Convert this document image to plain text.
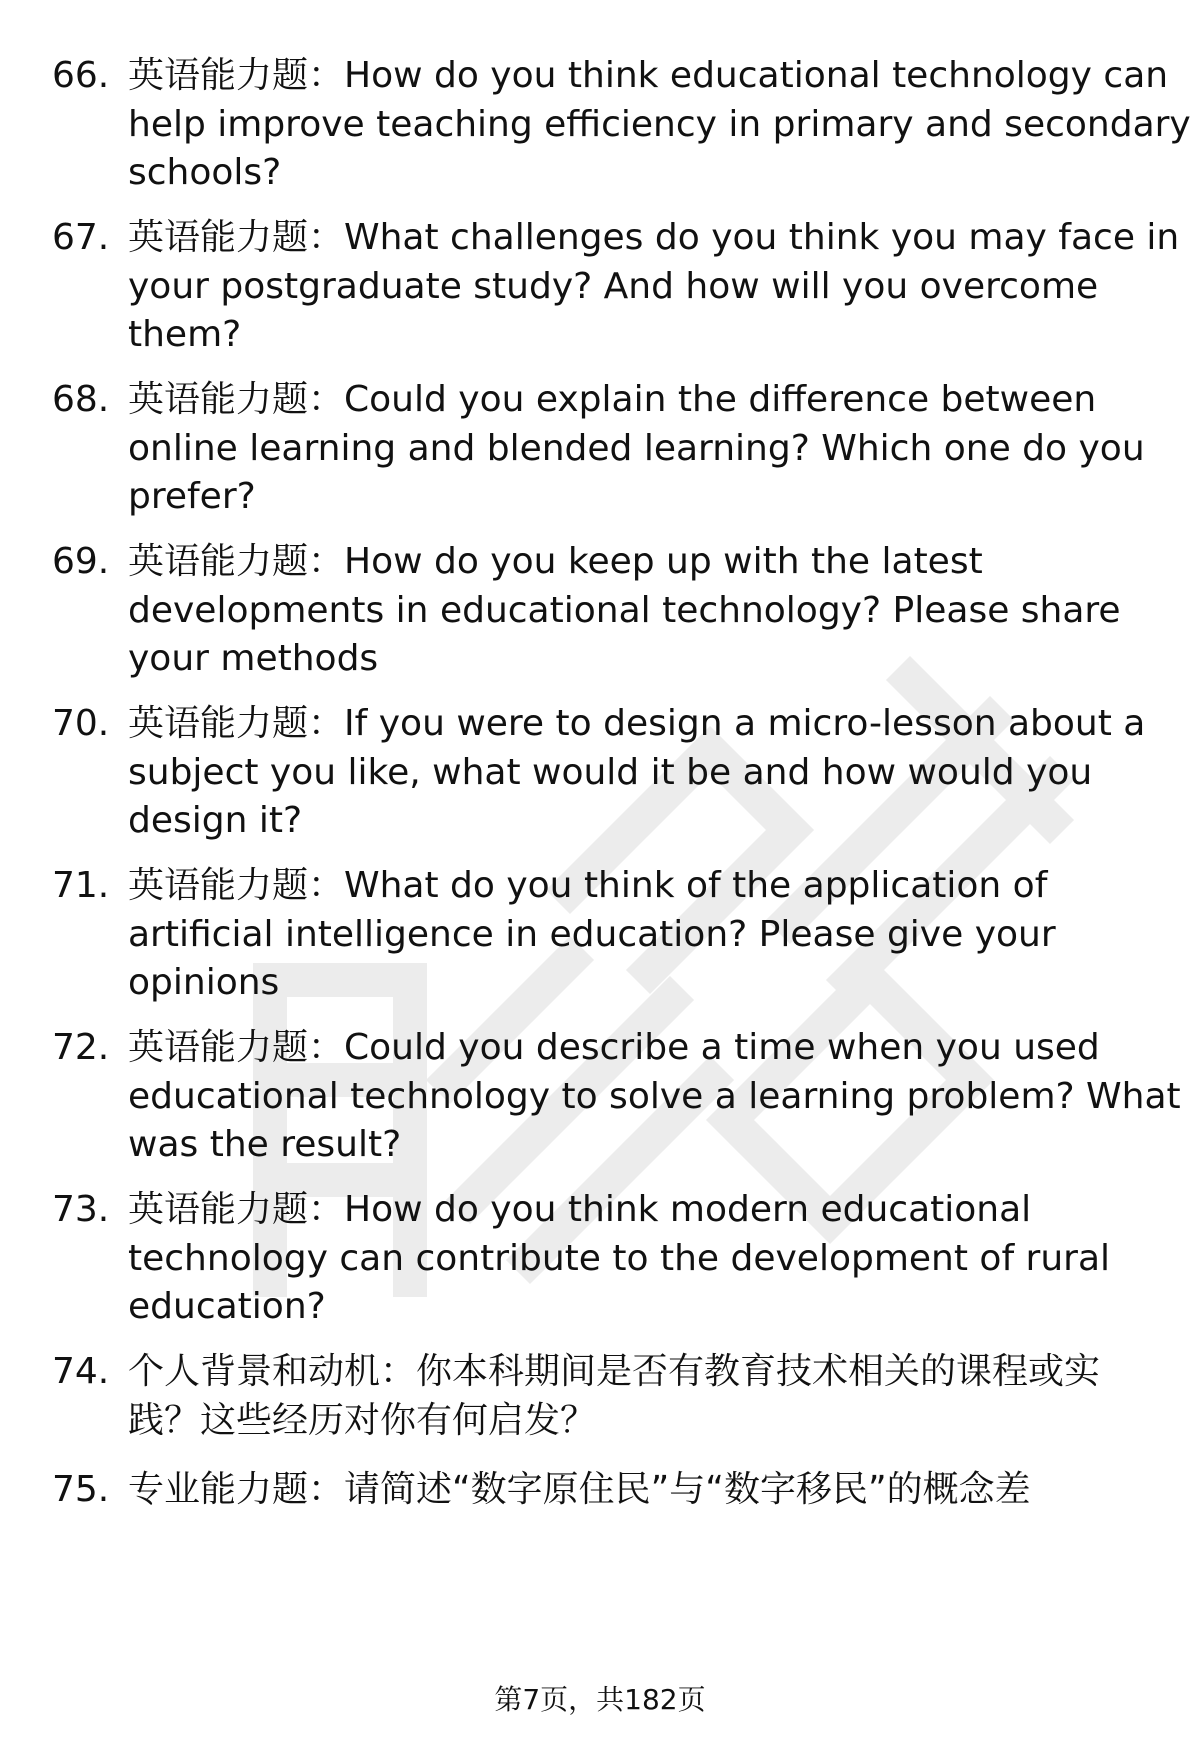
66. 英语能力题：How do you think educational technology can
help improve teaching efficiency in primary and secondary
schools?
67. 英语能力题：What challenges do you think you may face in
your postgraduate study? And how will you overcome
them?
68. 英语能力题：Could you explain the difference between
online learning and blended learning? Which one do you
prefer?
69. 英语能力题：How do you keep up with the latest
developments in educational technology? Please share
your methods
70. 英语能力题：If you were to design a micro-lesson about a
subject you like, what would it be and how would you
design it?
71. 英语能力题：What do you think of the application of
artificial intelligence in education? Please give your
opinions
72. 英语能力题：Could you describe a time when you used
educational technology to solve a learning problem? What
was the result?
73. 英语能力题：How do you think modern educational
technology can contribute to the development of rural
education?
74. 个人背景和动机：你本科期间是否有教育技术相关的课程或实
践？这些经历对你有何启发？
75. 专业能力题：请简述“数字原住民”与“数字移民”的概念差
第7页，共182页
